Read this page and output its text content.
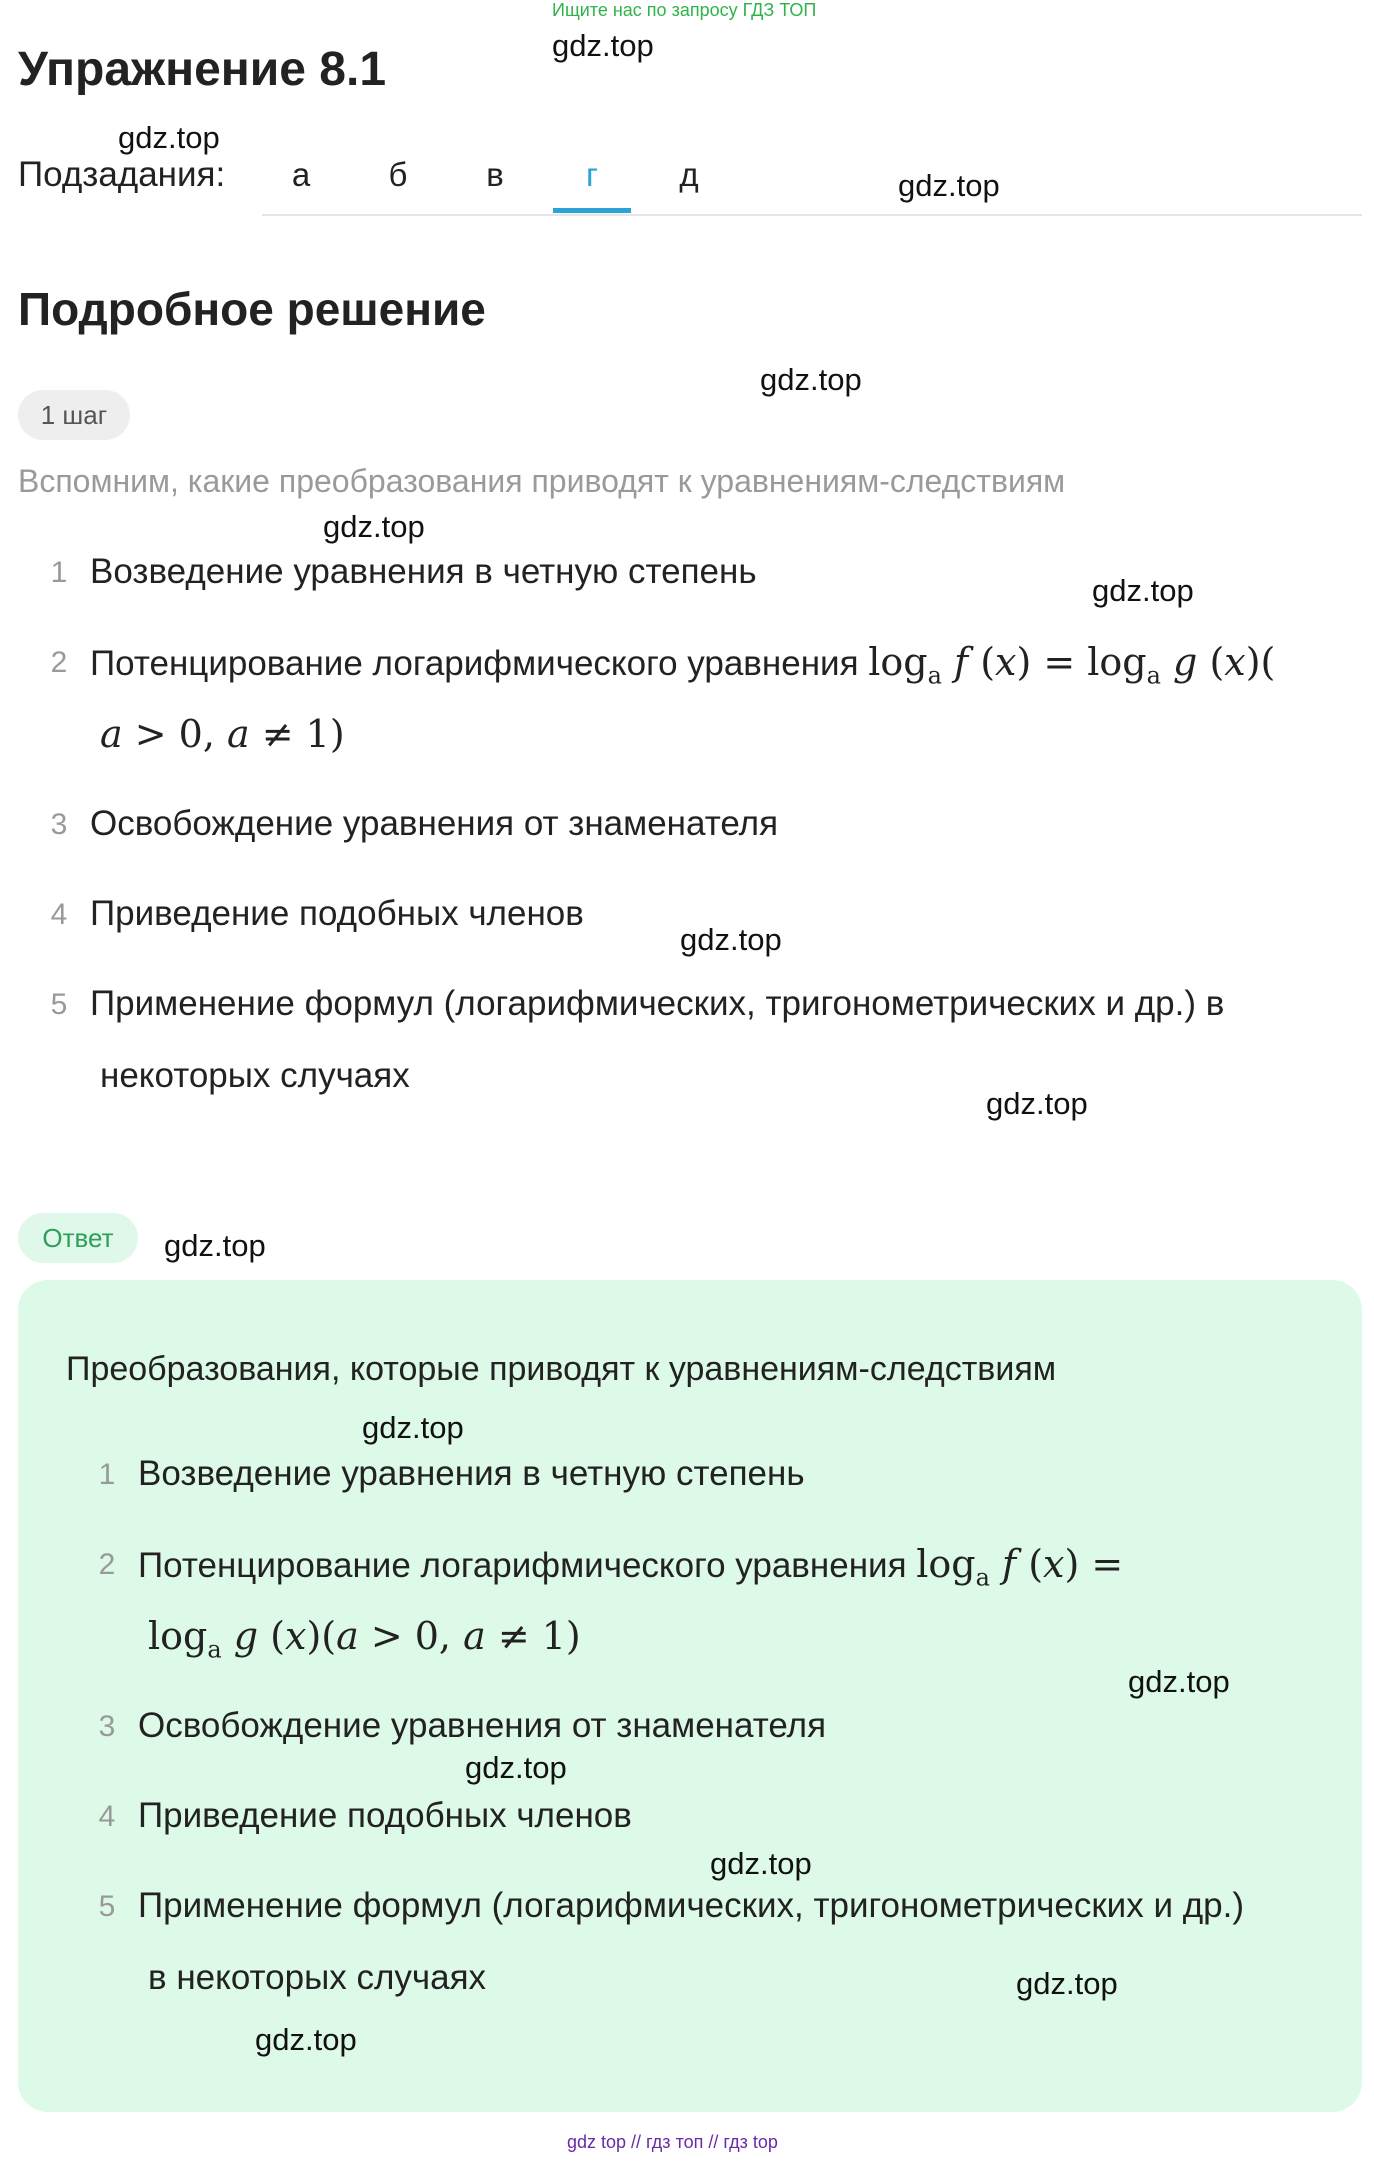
Ищите нас по запросу ГДЗ ТОП
Упражнение 8.1
Подзадания:	а	б	в	г	д
Подробное решение
1 шаг
Вспомним, какие преобразования приводят к уравнениям-следствиям
1 Возведение уравнения в четную степень
2 Потенцирование логарифмического уравнения $\log_a f$ $(x) = \log_a g$ (x)(
a > 0, a ≠ 1)
3 Освобождение уравнения от знаменателя
4 Приведение подобных членов
5 Применение формул (логарифмических, тригонометрических и др.) в
некоторых случаях
Ответ
Преобразования, которые приводят к уравнениям-следствиям
1 Возведение уравнения в четную степень
2 Потенцирование логарифмического уравнения $\log_a f$ (x) =
$\log_a g$ (x)(a > 0, a ≠ 1)
3 Освобождение уравнения от знаменателя
4 Приведение подобных членов
5 Применение формул (логарифмических, тригонометрических и др.)
в некоторых случаях
gdz.top
gdz.top
gdz.top
gdz.top
gdz.top
gdz.top
gdz.top
gdz.top
gdz.top
gdz.top
gdz.top
gdz.top
gdz.top
gdz.top
gdz.top
gdz top // гдз топ // гдз top
